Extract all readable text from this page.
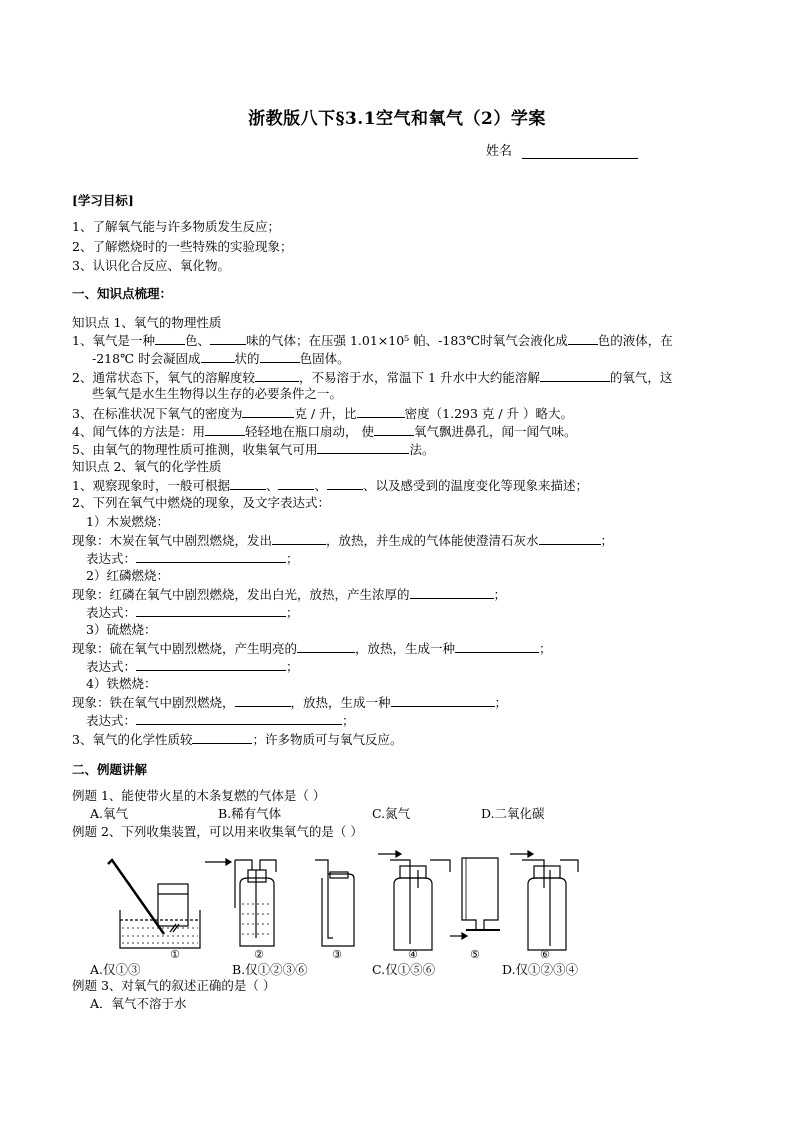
浙教版八下§3.1空气和氧气（2）学案
姓名
[学习目标]
1、了解氧气能与许多物质发生反应；
2、了解燃烧时的一些特殊的实验现象；
3、认识化合反应、氧化物。
一、知识点梳理：
知识点 1、氧气的物理性质
1、氧气是一种 色、	味的气体；在压强 1.01×10⁵ 帕、-183℃时氧气会液化成 色的液体，在
-218℃ 时会凝固成	状的	色固体。
2、通常状态下，氧气的溶解度较	，不易溶于水，常温下 1 升水中大约能溶解	的氧气，这
些氧气是水生生物得以生存的必要条件之一。
3、在标准状况下氧气的密度为	克 / 升，比	密度（1.293 克 / 升 ）略大。
4、闻气体的方法是：用	轻轻地在瓶口扇动， 使	氧气飘进鼻孔，闻一闻气味。
5、由氧气的物理性质可推测，收集氧气可用	法。
知识点 2、氧气的化学性质
1、观察现象时，一般可根据	、	、	、以及感受到的温度变化等现象来描述；
2、下列在氧气中燃烧的现象，及文字表达式：
1）木炭燃烧：
现象：木炭在氧气中剧烈燃烧，发出	，放热，并生成的气体能使澄清石灰水	；
表达式：	；
2）红磷燃烧：
现象：红磷在氧气中剧烈燃烧，发出白光，放热，产生浓厚的	；
表达式：	；
3）硫燃烧：
现象：硫在氧气中剧烈燃烧，产生明亮的	，放热，生成一种	；
表达式：	；
4）铁燃烧：
现象：铁在氧气中剧烈燃烧，	，放热，生成一种	；
表达式：	；
3、氧气的化学性质较	；许多物质可与氧气反应。
二、例题讲解
例题 1、能使带火星的木条复燃的气体是（ ）
A.氧气	B.稀有气体	C.氮气	D.二氧化碳
例题 2、下列收集装置，可以用来收集氧气的是（ ）
①	②	③	④	⑤	⑥
A.仅①③	B.仅①②③⑥	C.仅①⑤⑥	D.仅①②③④
例题 3、对氧气的叙述正确的是（ ）
A．氧气不溶于水
